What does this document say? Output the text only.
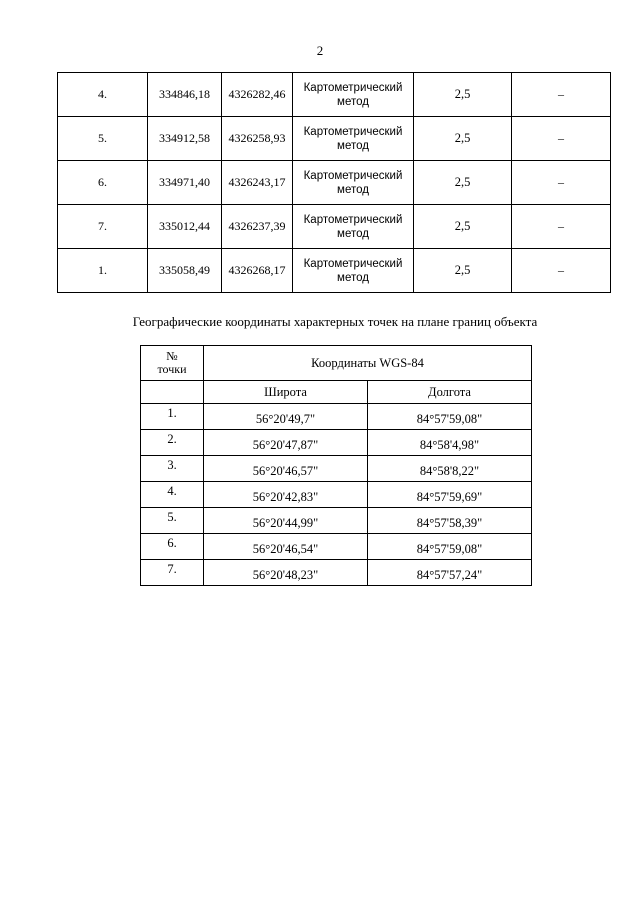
2
4.	334846,18	4326282,46	Картометрический
метод	2,5	–
5.	334912,58	4326258,93	Картометрический
метод	2,5	–
6.	334971,40	4326243,17	Картометрический
метод	2,5	–
7.	335012,44	4326237,39	Картометрический
метод	2,5	–
1.	335058,49	4326268,17	Картометрический
метод	2,5	–
Географические координаты характерных точек на плане границ объекта
№
точки	Координаты WGS-84	
	Широта	Долгота
1.	56°20'49,7"	84°57'59,08"
2.	56°20'47,87"	84°58'4,98"
3.	56°20'46,57"	84°58'8,22"
4.	56°20'42,83"	84°57'59,69"
5.	56°20'44,99"	84°57'58,39"
6.	56°20'46,54"	84°57'59,08"
7.	56°20'48,23"	84°57'57,24"
